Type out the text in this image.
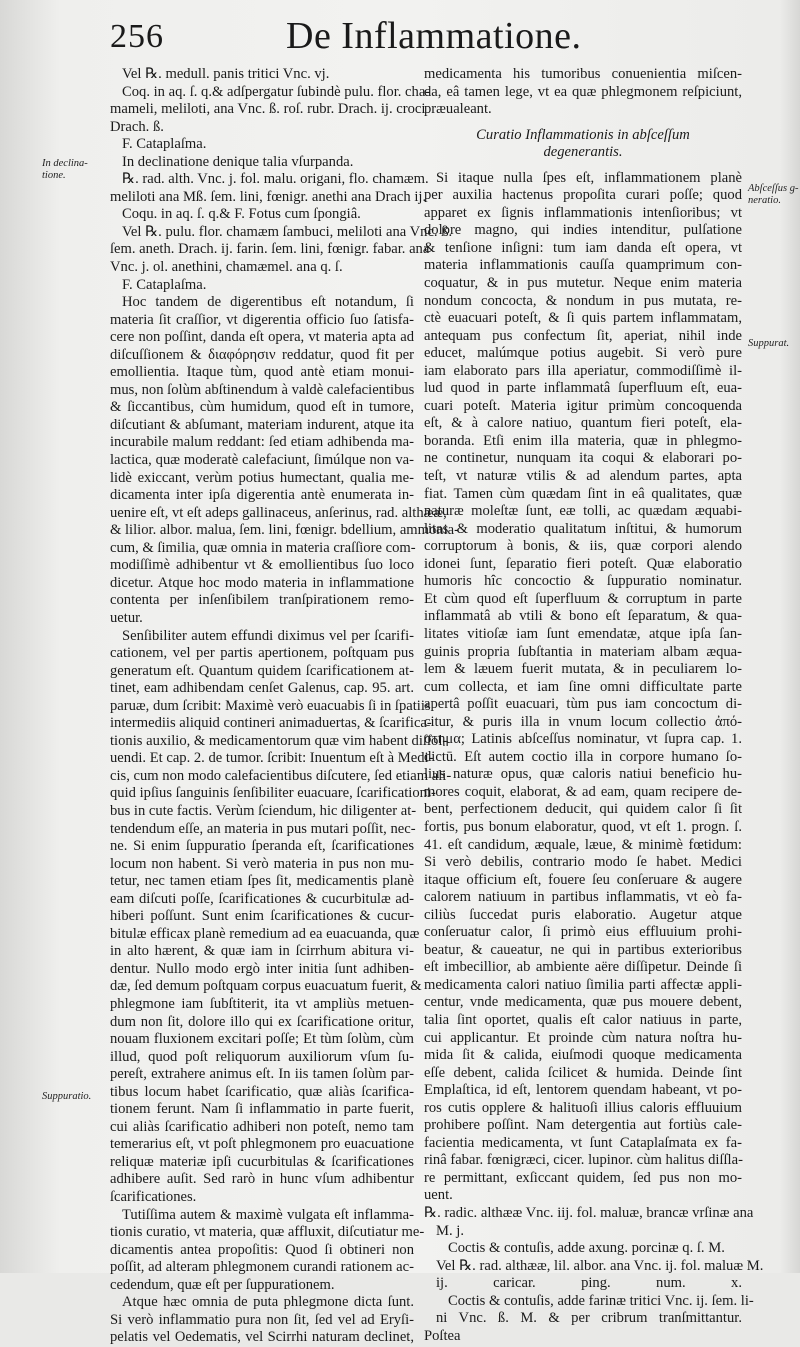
256	De Inflammatione.
In declina-tione.
Suppuratio.
Abſceſſus g-neratio.
Suppurat.
Vel ℞. medull. panis tritici Vnc. vj.
Coq. in aq. ſ. q.& adſpergatur ſubindè pulu. flor. cha-
mameli, meliloti, ana Vnc. ß. roſ. rubr. Drach. ij. croci
Drach. ß.
F. Cataplaſma.
In declinatione denique talia vſurpanda.
℞. rad. alth. Vnc. j. fol. malu. origani, flo. chamæm.
meliloti ana Mß. ſem. lini, fœnigr. anethi ana Drach ij.
Coqu. in aq. ſ. q.& F. Fotus cum ſpongiâ.
Vel ℞. pulu. flor. chamæm ſambuci, meliloti ana Vnc. ß.
ſem. aneth. Drach. ij. farin. ſem. lini, fœnigr. fabar. ana
Vnc. j. ol. anethini, chamæmel. ana q. ſ.
F. Cataplaſma.
Hoc tandem de digerentibus eſt notandum, ſi
materia ſit craſſior, vt digerentia officio ſuo ſatisfa-
cere non poſſint, danda eſt opera, vt materia apta ad
diſcuſſionem & διαφόρησιν reddatur, quod fit per
emollientia. Itaque tùm, quod antè etiam monui-
mus, non ſolùm abſtinendum à valdè calefacientibus
& ſiccantibus, cùm humidum, quod eſt in tumore,
diſcutiant & abſumant, materiam indurent, atque ita
incurabile malum reddant: ſed etiam adhibenda ma-
lactica, quæ moderatè calefaciunt, ſimúlque non va-
lidè exiccant, verùm potius humectant, qualia me-
dicamenta inter ipſa digerentia antè enumerata in-
uenire eſt, vt eſt adeps gallinaceus, anſerinus, rad. althææ,
& lilior. albor. malua, ſem. lini, fœnigr. bdellium, ammonia-
cum, & ſimilia, quæ omnia in materia craſſiore com-
modiſſimè adhibentur vt & emollientibus ſuo loco
dicetur. Atque hoc modo materia in inflammatione
contenta per inſenſibilem tranſpirationem remo-
uetur.
Senſibiliter autem effundi diximus vel per ſcarifi-
cationem, vel per partis apertionem, poſtquam pus
generatum eſt. Quantum quidem ſcarificationem at-
tinet, eam adhibendam cenſet Galenus, cap. 95. art.
paruæ, dum ſcribit: Maximè verò euacuabis ſi in ſpatiis
intermediis aliquid contineri animaduertas, & ſcarifica-
tionis auxilio, & medicamentorum quæ vim habent diſſol-
uendi. Et cap. 2. de tumor. ſcribit: Inuentum eſt à Medi-
cis, cum non modo calefacientibus diſcutere, ſed etiam ali-
quid ipſius ſanguinis ſenſibiliter euacuare, ſcarificationi-
bus in cute factis. Verùm ſciendum, hic diligenter at-
tendendum eſſe, an materia in pus mutari poſſit, nec-
ne. Si enim ſuppuratio ſperanda eſt, ſcarificationes
locum non habent. Si verò materia in pus non mu-
tetur, nec tamen etiam ſpes ſit, medicamentis planè
eam diſcuti poſſe, ſcarificationes & cucurbitulæ ad-
hiberi poſſunt. Sunt enim ſcarificationes & cucur-
bitulæ efficax planè remedium ad ea euacuanda, quæ
in alto hærent, & quæ iam in ſcirrhum abitura vi-
dentur. Nullo modo ergò inter initia ſunt adhiben-
dæ, ſed demum poſtquam corpus euacuatum fuerit, &
phlegmone iam ſubſtiterit, ita vt ampliùs metuen-
dum non ſit, dolore illo qui ex ſcarificatione oritur,
nouam fluxionem excitari poſſe; Et tùm ſolùm, cùm
illud, quod poſt reliquorum auxiliorum vſum ſu-
pereſt, extrahere animus eſt. In iis tamen ſolùm par-
tibus locum habet ſcarificatio, quæ aliàs ſcarifica-
tionem ferunt. Nam ſi inflammatio in parte fuerit,
cui aliàs ſcarificatio adhiberi non poteſt, nemo tam
temerarius eſt, vt poſt phlegmonem pro euacuatione
reliquæ materiæ ipſi cucurbitulas & ſcarificationes
adhibere auſit. Sed rarò in hunc vſum adhibentur
ſcarificationes.
Tutiſſima autem & maximè vulgata eſt inflamma-
tionis curatio, vt materia, quæ affluxit, diſcutiatur me-
dicamentis antea propoſitis: Quod ſi obtineri non
poſſit, ad alteram phlegmonem curandi rationem ac-
cedendum, quæ eſt per ſuppurationem.
Atque hæc omnia de puta phlegmone dicta ſunt.
Si verò inflammatio pura non ſit, ſed vel ad Eryſi-
pelatis vel Oedematis, vel Scirrhi naturam declinet,
medicamenta his tumoribus conuenientia miſcen-
da, eâ tamen lege, vt ea quæ phlegmonem reſpiciunt,
præualeant.
Curatio Inflammationis in abſceſſum
degenerantis.
Si itaque nulla ſpes eſt, inflammationem planè
per auxilia hactenus propoſita curari poſſe; quod
apparet ex ſignis inflammationis intenſioribus; vt
dolore magno, qui indies intenditur, pulſatione
& tenſione inſigni: tum iam danda eſt opera, vt
materia inflammationis cauſſa quamprimum con-
coquatur, & in pus mutetur. Neque enim materia
nondum concocta, & nondum in pus mutata, re-
ctè euacuari poteſt, & ſi quis partem inflammatam,
antequam pus confectum ſit, aperiat, nihil inde
educet, malúmque potius augebit. Si verò pure
iam elaborato pars illa aperiatur, commodiſſimè il-
lud quod in parte inflammatâ ſuperfluum eſt, eua-
cuari poteſt. Materia igitur primùm concoquenda
eſt, & à calore natiuo, quantum fieri poteſt, ela-
boranda. Etſi enim illa materia, quæ in phlegmo-
ne continetur, nunquam ita coqui & elaborari po-
teſt, vt naturæ vtilis & ad alendum partes, apta
fiat. Tamen cùm quædam ſint in eâ qualitates, quæ
naturæ moleſtæ ſunt, eæ tolli, ac quædam æquabi-
litas & moderatio qualitatum inſtitui, & humorum
corruptorum à bonis, & iis, quæ corpori alendo
idonei ſunt, ſeparatio fieri poteſt. Quæ elaboratio
humoris hîc concoctio & ſuppuratio nominatur.
Et cùm quod eſt ſuperfluum & corruptum in parte
inflammatâ ab vtili & bono eſt ſeparatum, & qua-
litates vitioſæ iam ſunt emendatæ, atque ipſa ſan-
guinis propria ſubſtantia in materiam albam æqua-
lem & læuem fuerit mutata, & in peculiarem lo-
cum collecta, et iam ſine omni difficultate parte
apertâ poſſit euacuari, tùm pus iam concoctum di-
citur, & puris illa in vnum locum collectio ἀπό-
στημα; Latinis abſceſſus nominatur, vt ſupra cap. 1.
dictū. Eſt autem coctio illa in corpore humano ſo-
lius naturæ opus, quæ caloris natiui beneficio hu-
mores coquit, elaborat, & ad eam, quam recipere de-
bent, perfectionem deducit, qui quidem calor ſi ſit
fortis, pus bonum elaboratur, quod, vt eſt 1. progn. ſ.
41. eſt candidum, æquale, læue, & minimè fœtidum:
Si verò debilis, contrario modo ſe habet. Medici
itaque officium eſt, fouere ſeu conſeruare & augere
calorem natiuum in partibus inflammatis, vt eò fa-
ciliùs ſuccedat puris elaboratio. Augetur atque
conſeruatur calor, ſi primò eius effluuium prohi-
beatur, & caueatur, ne qui in partibus exterioribus
eſt imbecillior, ab ambiente aëre diſſipetur. Deinde ſi
medicamenta calori natiuo ſimilia parti affectæ appli-
centur, vnde medicamenta, quæ pus mouere debent,
talia ſint oportet, qualis eſt calor natiuus in parte,
cui applicantur. Et proinde cùm natura noſtra hu-
mida ſit & calida, eiuſmodi quoque medicamenta
eſſe debent, calida ſcilicet & humida. Deinde ſint
Emplaſtica, id eſt, lentorem quendam habeant, vt po-
ros cutis opplere & halituoſi illius caloris effluuium
prohibere poſſint. Nam detergentia aut fortiùs cale-
facientia medicamenta, vt ſunt Cataplaſmata ex fa-
rinâ fabar. fœnigræci, cicer. lupinor. cùm halitus diſſla-
re permittant, exſiccant quidem, ſed pus non mo-
uent.
℞. radic. althææ Vnc. iij. fol. maluæ, brancæ vrſinæ ana
M. j.
Coctis & contuſis, adde axung. porcinæ q. ſ. M.
Vel ℞. rad. althææ, lil. albor. ana Vnc. ij. fol. maluæ M.
ij. caricar. ping. num. x.
Coctis & contuſis, adde farinæ tritici Vnc. ij. ſem. li-
ni Vnc. ß. M. & per cribrum tranſmittantur.
Poſtea
